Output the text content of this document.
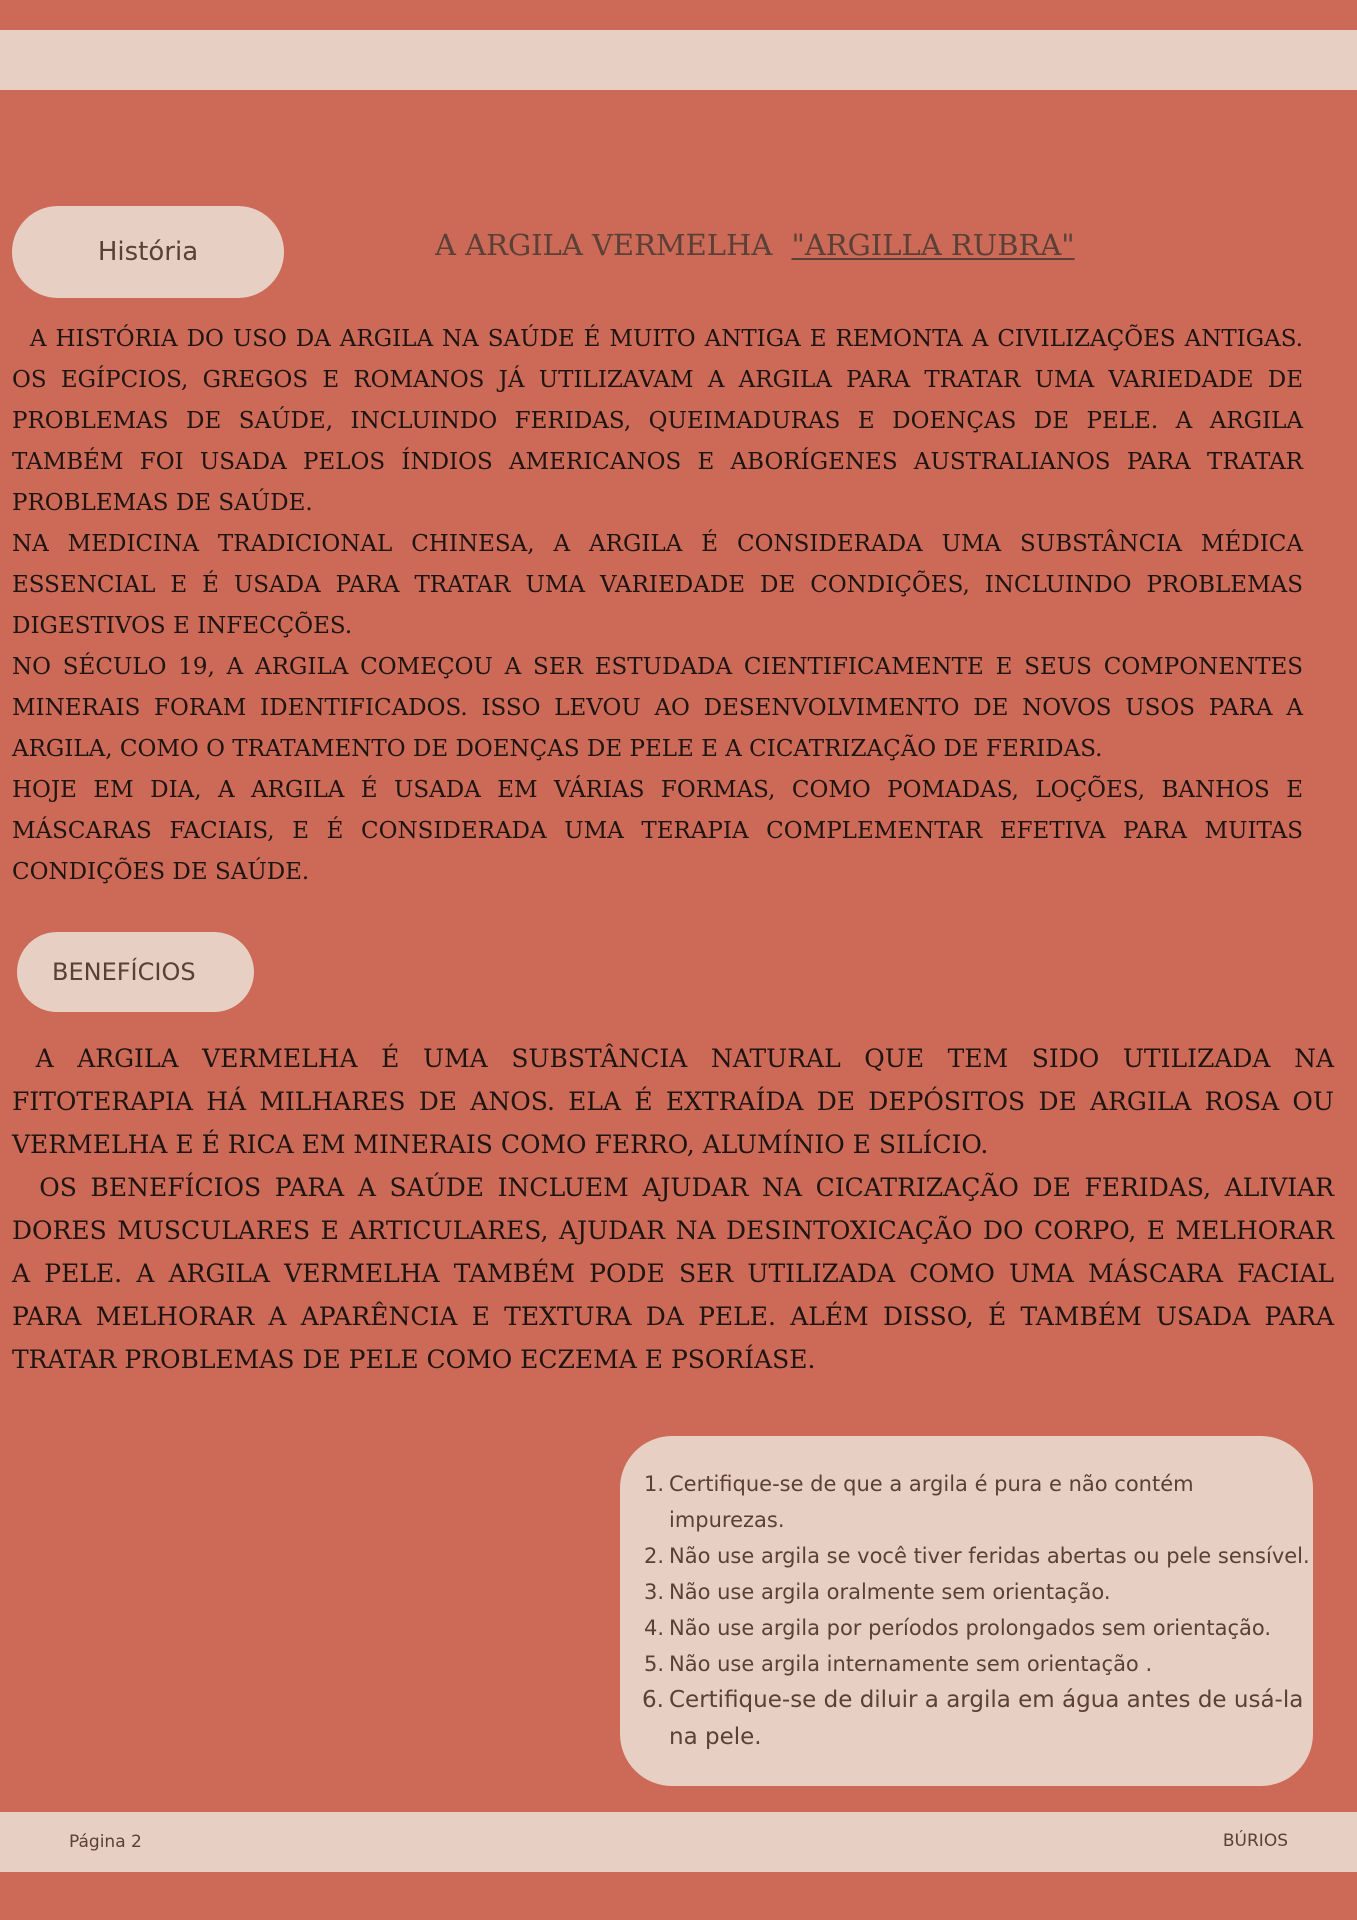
História	A ARGILA VERMELHA "ARGILLA RUBRA"

A HISTÓRIA DO USO DA ARGILA NA SAÚDE É MUITO ANTIGA E REMONTA A CIVILIZAÇÕES ANTIGAS. OS EGÍPCIOS, GREGOS E ROMANOS JÁ UTILIZAVAM A ARGILA PARA TRATAR UMA VARIEDADE DE PROBLEMAS DE SAÚDE, INCLUINDO FERIDAS, QUEIMADURAS E DOENÇAS DE PELE. A ARGILA TAMBÉM FOI USADA PELOS ÍNDIOS AMERICANOS E ABORÍGENES AUSTRALIANOS PARA TRATAR PROBLEMAS DE SAÚDE.

NA MEDICINA TRADICIONAL CHINESA, A ARGILA É CONSIDERADA UMA SUBSTÂNCIA MÉDICA ESSENCIAL E É USADA PARA TRATAR UMA VARIEDADE DE CONDIÇÕES, INCLUINDO PROBLEMAS DIGESTIVOS E INFECÇÕES.

NO SÉCULO 19, A ARGILA COMEÇOU A SER ESTUDADA CIENTIFICAMENTE E SEUS COMPONENTES MINERAIS FORAM IDENTIFICADOS. ISSO LEVOU AO DESENVOLVIMENTO DE NOVOS USOS PARA A ARGILA, COMO O TRATAMENTO DE DOENÇAS DE PELE E A CICATRIZAÇÃO DE FERIDAS.

HOJE EM DIA, A ARGILA É USADA EM VÁRIAS FORMAS, COMO POMADAS, LOÇÕES, BANHOS E MÁSCARAS FACIAIS, E É CONSIDERADA UMA TERAPIA COMPLEMENTAR EFETIVA PARA MUITAS CONDIÇÕES DE SAÚDE.

BENEFÍCIOS

A ARGILA VERMELHA É UMA SUBSTÂNCIA NATURAL QUE TEM SIDO UTILIZADA NA FITOTERAPIA HÁ MILHARES DE ANOS. ELA É EXTRAÍDA DE DEPÓSITOS DE ARGILA ROSA OU VERMELHA E É RICA EM MINERAIS COMO FERRO, ALUMÍNIO E SILÍCIO.

OS BENEFÍCIOS PARA A SAÚDE INCLUEM AJUDAR NA CICATRIZAÇÃO DE FERIDAS, ALIVIAR DORES MUSCULARES E ARTICULARES, AJUDAR NA DESINTOXICAÇÃO DO CORPO, E MELHORAR A PELE. A ARGILA VERMELHA TAMBÉM PODE SER UTILIZADA COMO UMA MÁSCARA FACIAL PARA MELHORAR A APARÊNCIA E TEXTURA DA PELE. ALÉM DISSO, É TAMBÉM USADA PARA TRATAR PROBLEMAS DE PELE COMO ECZEMA E PSORÍASE.

1. Certifique-se de que a argila é pura e não contém impurezas.
2. Não use argila se você tiver feridas abertas ou pele sensível.
3. Não use argila oralmente sem orientação.
4. Não use argila por períodos prolongados sem orientação.
5. Não use argila internamente sem orientação .
6. Certifique-se de diluir a argila em água antes de usá-la na pele.
Página 2	BÚRIOS
